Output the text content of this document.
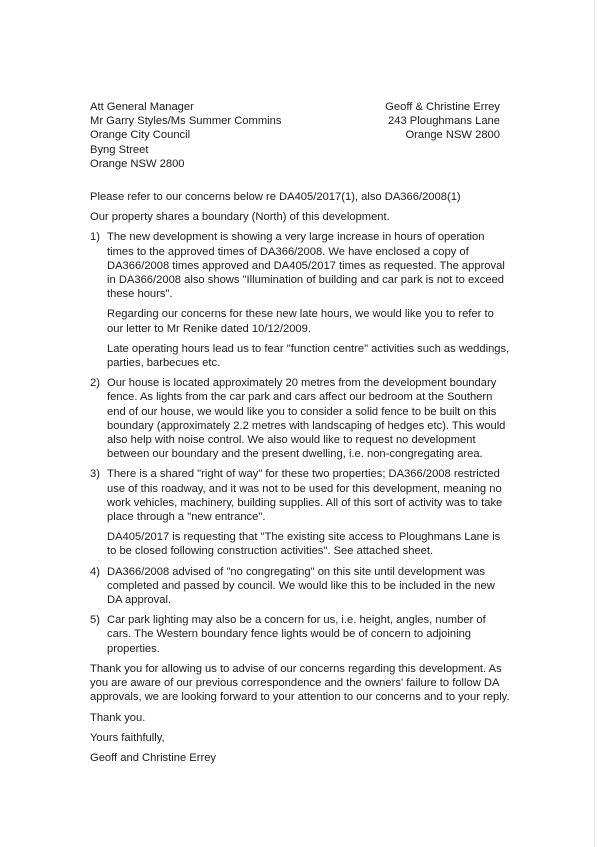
Att General Manager
Mr Garry Styles/Ms Summer Commins
Orange City Council
Byng Street
Orange NSW 2800
Geoff & Christine Errey
243 Ploughmans Lane
Orange NSW 2800

Please refer to our concerns below re DA405/2017(1), also DA366/2008(1)

Our property shares a boundary (North) of this development.

1) The new development is showing a very large increase in hours of operation times to the approved times of DA366/2008. We have enclosed a copy of DA366/2008 times approved and DA405/2017 times as requested. The approval in DA366/2008 also shows "Illumination of building and car park is not to exceed these hours".

Regarding our concerns for these new late hours, we would like you to refer to our letter to Mr Renike dated 10/12/2009.

Late operating hours lead us to fear "function centre" activities such as weddings, parties, barbecues etc.

2) Our house is located approximately 20 metres from the development boundary fence. As lights from the car park and cars affect our bedroom at the Southern end of our house, we would like you to consider a solid fence to be built on this boundary (approximately 2.2 metres with landscaping of hedges etc). This would also help with noise control. We also would like to request no development between our boundary and the present dwelling, i.e. non-congregating area.

3) There is a shared "right of way" for these two properties; DA366/2008 restricted use of this roadway, and it was not to be used for this development, meaning no work vehicles, machinery, building supplies. All of this sort of activity was to take place through a "new entrance".

DA405/2017 is requesting that "The existing site access to Ploughmans Lane is to be closed following construction activities". See attached sheet.

4) DA366/2008 advised of "no congregating" on this site until development was completed and passed by council. We would like this to be included in the new DA approval.

5) Car park lighting may also be a concern for us, i.e. height, angles, number of cars. The Western boundary fence lights would be of concern to adjoining properties.

Thank you for allowing us to advise of our concerns regarding this development. As you are aware of our previous correspondence and the owners' failure to follow DA approvals, we are looking forward to your attention to our concerns and to your reply.

Thank you.

Yours faithfully,

Geoff and Christine Errey
